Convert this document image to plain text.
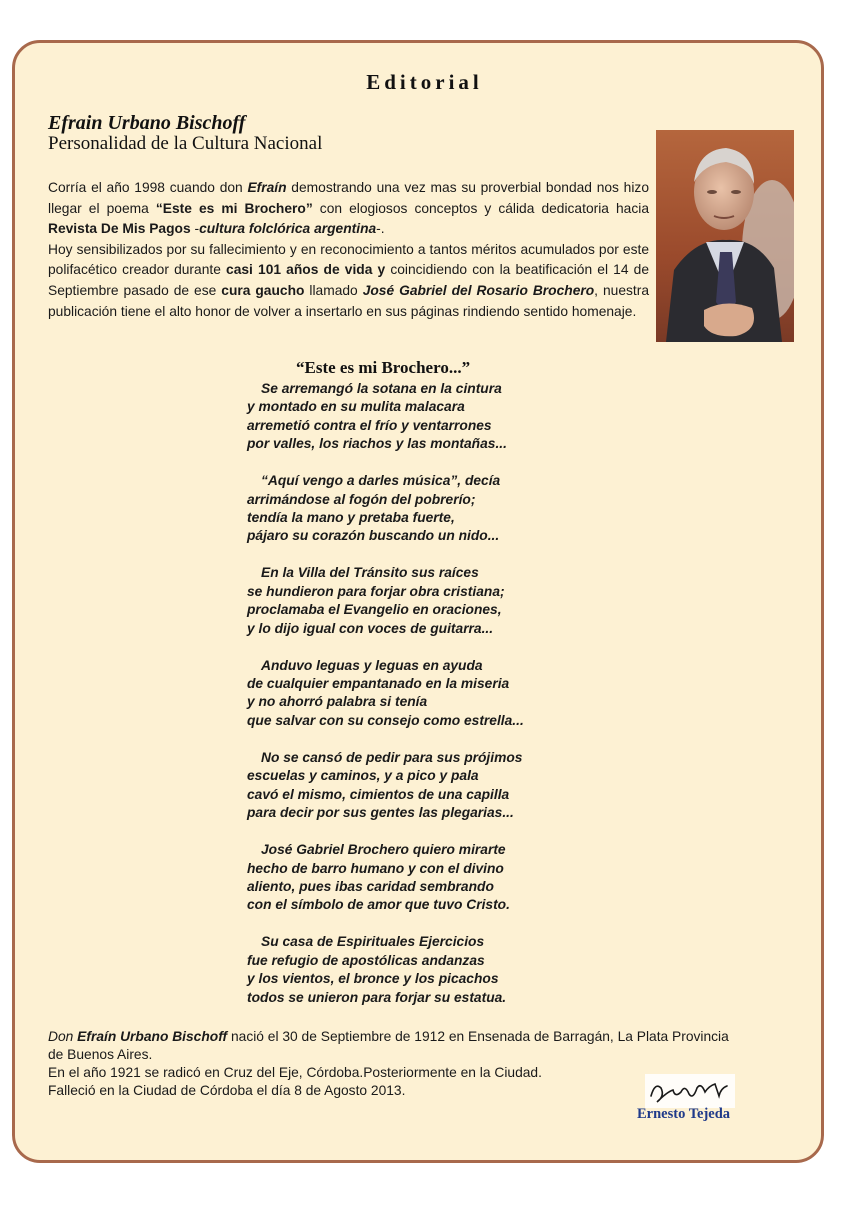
Editorial
Efrain Urbano Bischoff
Personalidad de la Cultura Nacional

Corría el año 1998 cuando don Efraín demostrando una vez mas su proverbial bondad nos hizo llegar el poema “Este es mi Brochero” con elogiosos conceptos y cálida dedicatoria hacia Revista De Mis Pagos -cultura folclórica argentina-.

Hoy sensibilizados por su fallecimiento y en reconocimiento a tantos méritos acumulados por este polifacético creador durante casi 101 años de vida y coincidiendo con la beatificación el 14 de Septiembre pasado de ese cura gaucho llamado José Gabriel del Rosario Brochero, nuestra publicación tiene el alto honor de volver a insertarlo en sus páginas rindiendo sentido homenaje.

“Este es mi Brochero...”
Se arremangó la sotana en la cintura
y montado en su mulita malacara
arremetió contra el frío y ventarrones
por valles, los riachos y las montañas...
“Aquí vengo a darles música”, decía
arrimándose al fogón del pobrerío;
tendía la mano y pretaba fuerte,
pájaro su corazón buscando un nido...
En la Villa del Tránsito sus raíces
se hundieron para forjar obra cristiana;
proclamaba el Evangelio en oraciones,
y lo dijo igual con voces de guitarra...
Anduvo leguas y leguas en ayuda
de cualquier empantanado en la miseria
y no ahorró palabra si tenía
que salvar con su consejo como estrella...
No se cansó de pedir para sus prójimos
escuelas y caminos, y a pico y pala
cavó el mismo, cimientos de una capilla
para decir por sus gentes las plegarias...
José Gabriel Brochero quiero mirarte
hecho de barro humano y con el divino
aliento, pues ibas caridad sembrando
con el símbolo de amor que tuvo Cristo.
Su casa de Espirituales Ejercicios
fue refugio de apostólicas andanzas
y los vientos, el bronce y los picachos
todos se unieron para forjar su estatua.
Don Efraín Urbano Bischoff nació el 30 de Septiembre de 1912 en Ensenada de Barragán, La Plata Provincia
de Buenos Aires.
En el año 1921 se radicó en Cruz del Eje, Córdoba.Posteriormente en la Ciudad.
Falleció en la Ciudad de Córdoba el día 8 de Agosto 2013.
Ernesto Tejeda
